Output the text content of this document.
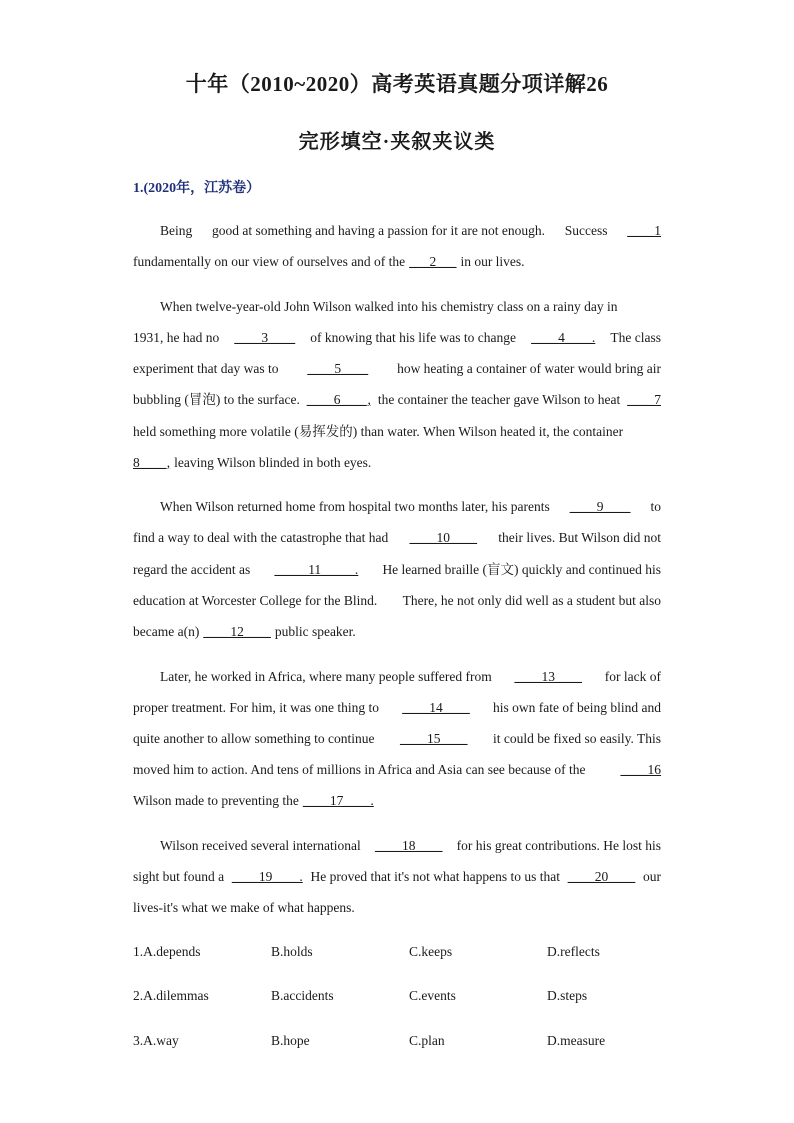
十年（2010~2020）高考英语真题分项详解26
完形填空·夹叙夹议类
1.(2020年，江苏卷）
Being good at something and having a passion for it are not enough. Success ____1
fundamentally on our view of ourselves and of the ___2___ in our lives.
When twelve-year-old John Wilson walked into his chemistry class on a rainy day in
1931, he had no ____3____ of knowing that his life was to change ____4____. The class
experiment that day was to ____5____ how heating a container of water would bring air
bubbling (冒泡) to the surface. ____6____, the container the teacher gave Wilson to heat ____7
held something more volatile (易挥发的) than water. When Wilson heated it, the container
8____, leaving Wilson blinded in both eyes.
When Wilson returned home from hospital two months later, his parents ____9____ to
find a way to deal with the catastrophe that had ____10____ their lives. But Wilson did not
regard the accident as _____11_____. He learned braille (盲文) quickly and continued his
education at Worcester College for the Blind. There, he not only did well as a student but also
became a(n) ____12____ public speaker.
Later, he worked in Africa, where many people suffered from ____13____ for lack of
proper treatment. For him, it was one thing to ____14____ his own fate of being blind and
quite another to allow something to continue ____15____ it could be fixed so easily. This
moved him to action. And tens of millions in Africa and Asia can see because of the	____16
Wilson made to preventing the ____17____.
Wilson received several international ____18____ for his great contributions. He lost his
sight but found a ____19____. He proved that it's not what happens to us that ____20____ our
lives-it's what we make of what happens.
1.A.depends	B.holds	C.keeps	D.reflects
2.A.dilemmas	B.accidents	C.events	D.steps
3.A.way	B.hope	C.plan	D.measure
